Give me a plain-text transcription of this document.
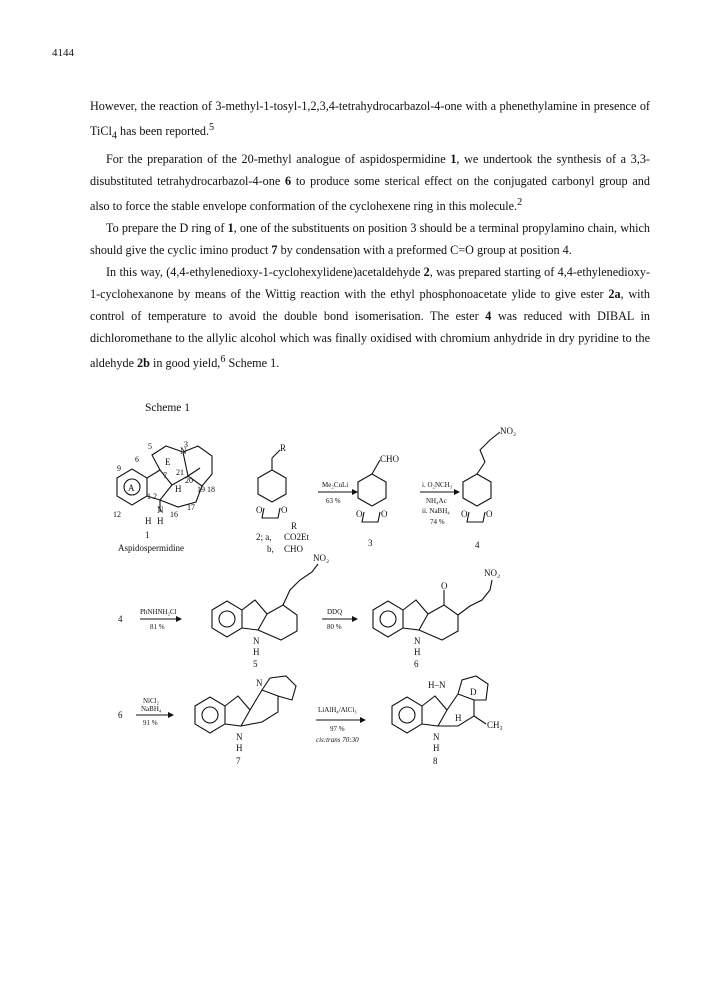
4144

However, the reaction of 3-methyl-1-tosyl-1,2,3,4-tetrahydrocarbazol-4-one with a phenethylamine in presence of TiCl$_4$ has been reported.$^5$

For the preparation of the 20-methyl analogue of aspidospermidine 1, we undertook the synthesis of a 3,3-disubstituted tetrahydrocarbazol-4-one 6 to produce some sterical effect on the conjugated carbonyl group and also to force the stable envelope conformation of the cyclohexene ring in this molecule.$^2$

To prepare the D ring of 1, one of the substituents on position 3 should be a terminal propylamino chain, which should give the cyclic imino product 7 by condensation with a preformed C=O group at position 4.

In this way, (4,4-ethylenedioxy-1-cyclohexylidene)acetaldehyde 2, was prepared starting of 4,4-ethylenedioxy-1-cyclohexanone by means of the Wittig reaction with the ethyl phosphonoacetate ylide to give ester 2a, with control of temperature to avoid the double bond isomerisation. The ester 4 was reduced with DIBAL in dichloromethane to the allylic alcohol which was finally oxidised with chromium anhydride in dry pyridine to the aldehyde 2b in good yield,$^6$ Scheme 1.

Scheme 1
A
E
N
N
H H
H
5	3
6
9	21
20
7
2
1
19 18
17
16
12
1
Aspidospermidine
R
O O
R
2; a, CO2Et
b, CHO
Me₂CuLi
63 %
CHO
O O
3
i. O₂NCH₃
NH₄Ac
ii. NaBH₄
74 %
NO₂
O O
4
4
PhNHNH₂Cl
81 %
NO₂
N
H
5
DDQ
80 %
O
NO₂
N
H
6
6
NiCl₂
NaBH₄
91 %
N
N
H
7
LiAlH₄/AlCl₃
97 %
cis:trans 70:30
H–N
D
H
CH₃
N
H
8
